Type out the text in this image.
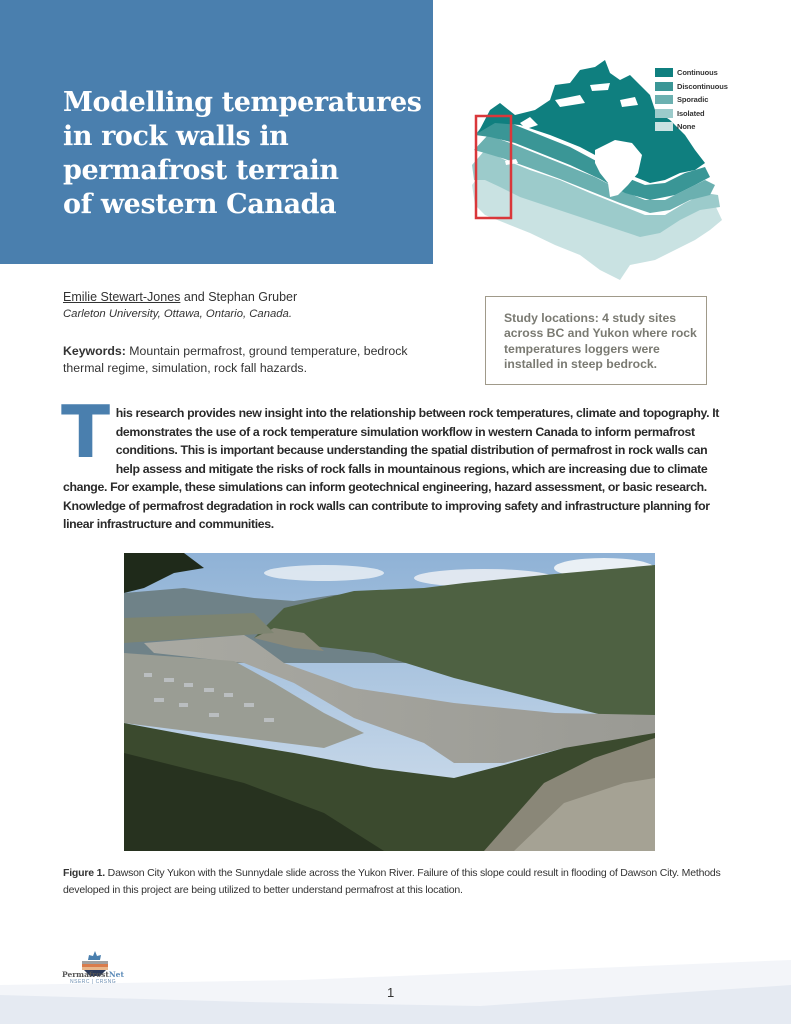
Modelling temperatures
in rock walls in
permafrost terrain
of western Canada
Continuous
Discontinuous
Sporadic
Isolated
None
Emilie Stewart-Jones and Stephan Gruber
Carleton University, Ottawa, Ontario, Canada.
Keywords: Mountain permafrost, ground temperature, bedrock thermal regime, simulation, rock fall hazards.

Study locations: 4 study sites across BC and Yukon where rock temperatures loggers were installed in steep bedrock.

This research provides new insight into the relationship between rock temperatures, climate and topography. It demonstrates the use of a rock temperature simulation workflow in western Canada to inform permafrost conditions. This is important because understanding the spatial distribution of permafrost in rock walls can help assess and mitigate the risks of rock falls in mountainous regions, which are increasing due to climate change. For example, these simulations can inform geotechnical engineering, hazard assessment, or basic research. Knowledge of permafrost degradation in rock walls can contribute to improving safety and infrastructure planning for linear infrastructure and communities.
Figure 1. Dawson City Yukon with the Sunnydale slide across the Yukon River. Failure of this slope could result in flooding of Dawson City. Methods developed in this project are being utilized to better understand permafrost at this location.
PermafrostNet
NSERC | CRSNG
1
